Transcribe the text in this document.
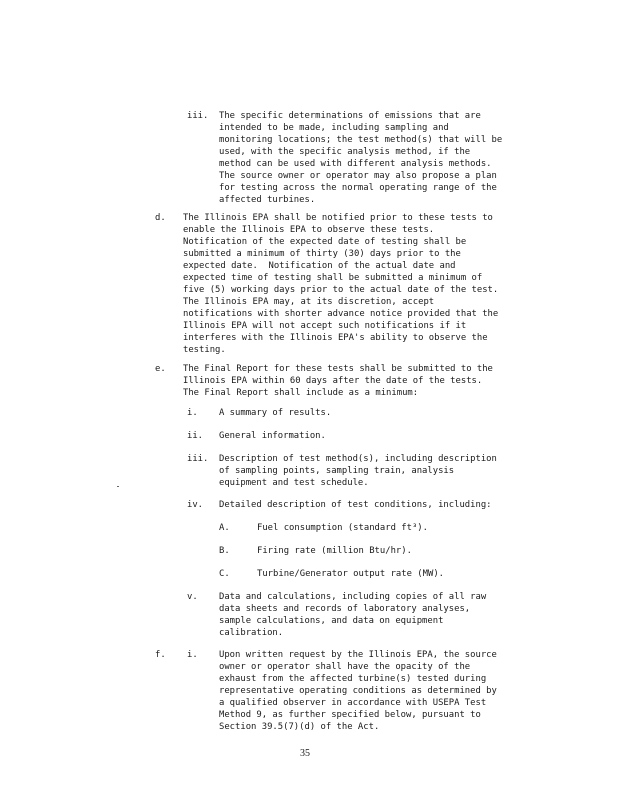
iii. The specific determinations of emissions that are
intended to be made, including sampling and
monitoring locations; the test method(s) that will be
used, with the specific analysis method, if the
method can be used with different analysis methods.
The source owner or operator may also propose a plan
for testing across the normal operating range of the
affected turbines.
d. The Illinois EPA shall be notified prior to these tests to
enable the Illinois EPA to observe these tests.
Notification of the expected date of testing shall be
submitted a minimum of thirty (30) days prior to the
expected date.  Notification of the actual date and
expected time of testing shall be submitted a minimum of
five (5) working days prior to the actual date of the test.
The Illinois EPA may, at its discretion, accept
notifications with shorter advance notice provided that the
Illinois EPA will not accept such notifications if it
interferes with the Illinois EPA's ability to observe the
testing.
e. The Final Report for these tests shall be submitted to the
Illinois EPA within 60 days after the date of the tests.
The Final Report shall include as a minimum:
i. A summary of results.
ii. General information.
iii. Description of test method(s), including description
of sampling points, sampling train, analysis
equipment and test schedule.
iv. Detailed description of test conditions, including:
A.	Fuel consumption (standard ft³).
B.	Firing rate (million Btu/hr).
C.	Turbine/Generator output rate (MW).
v. Data and calculations, including copies of all raw
data sheets and records of laboratory analyses,
sample calculations, and data on equipment
calibration.
f. i. Upon written request by the Illinois EPA, the source
owner or operator shall have the opacity of the
exhaust from the affected turbine(s) tested during
representative operating conditions as determined by
a qualified observer in accordance with USEPA Test
Method 9, as further specified below, pursuant to
Section 39.5(7)(d) of the Act.
35
